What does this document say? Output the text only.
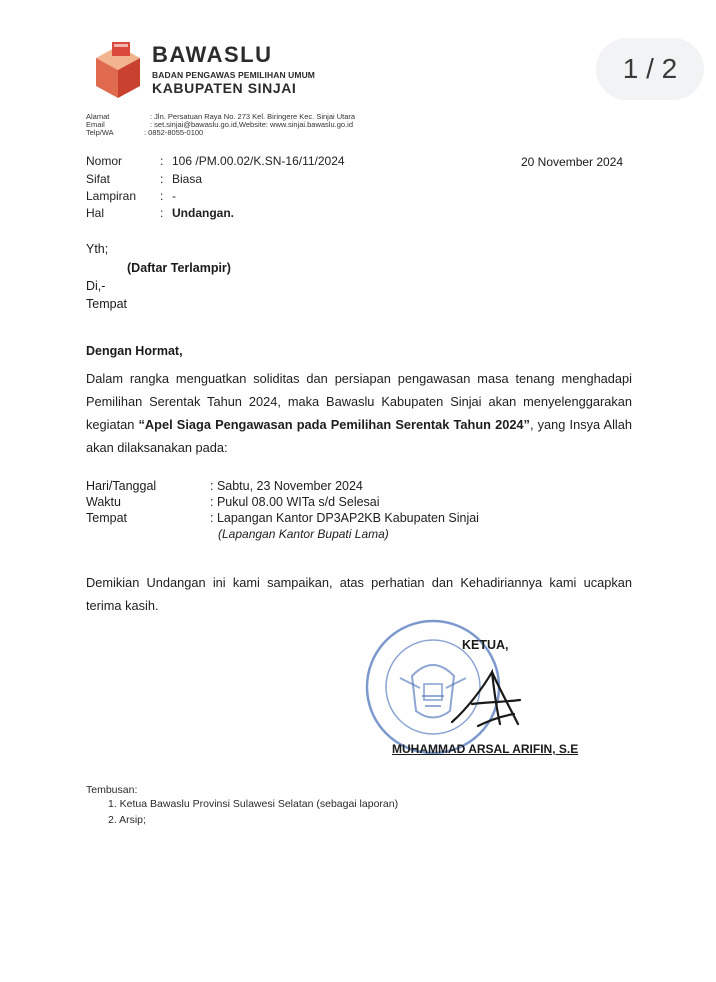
BAWASLU
BADAN PENGAWAS PEMILIHAN UMUM
KABUPATEN SINJAI
1 / 2
Alamat	: Jln. Persatuan Raya No. 273 Kel. Biringere Kec. Sinjai Utara
Email	: set.sinjai@bawaslu.go.id,Website: www.sinjai.bawaslu.go.id
Telp/WA	: 0852-8055-0100
Nomor	: 106 /PM.00.02/K.SN-16/11/2024
Sifat	: Biasa
Lampiran : -
Hal	: Undangan.
20 November 2024
Yth;
(Daftar Terlampir)
Di,-
Tempat
Dengan Hormat,
Dalam rangka menguatkan soliditas dan persiapan pengawasan masa tenang menghadapi Pemilihan Serentak Tahun 2024, maka Bawaslu Kabupaten Sinjai akan menyelenggarakan kegiatan “Apel Siaga Pengawasan pada Pemilihan Serentak Tahun 2024”, yang Insya Allah akan dilaksanakan pada:
Hari/Tanggal	: Sabtu, 23 November 2024
Waktu	: Pukul 08.00 WITa s/d Selesai
Tempat	: Lapangan Kantor DP3AP2KB Kabupaten Sinjai
(Lapangan Kantor Bupati Lama)
Demikian Undangan ini kami sampaikan, atas perhatian dan Kehadiriannya kami ucapkan terima kasih.
KETUA,
MUHAMMAD ARSAL ARIFIN, S.E
Tembusan:
1. Ketua Bawaslu Provinsi Sulawesi Selatan (sebagai laporan)
2. Arsip;
